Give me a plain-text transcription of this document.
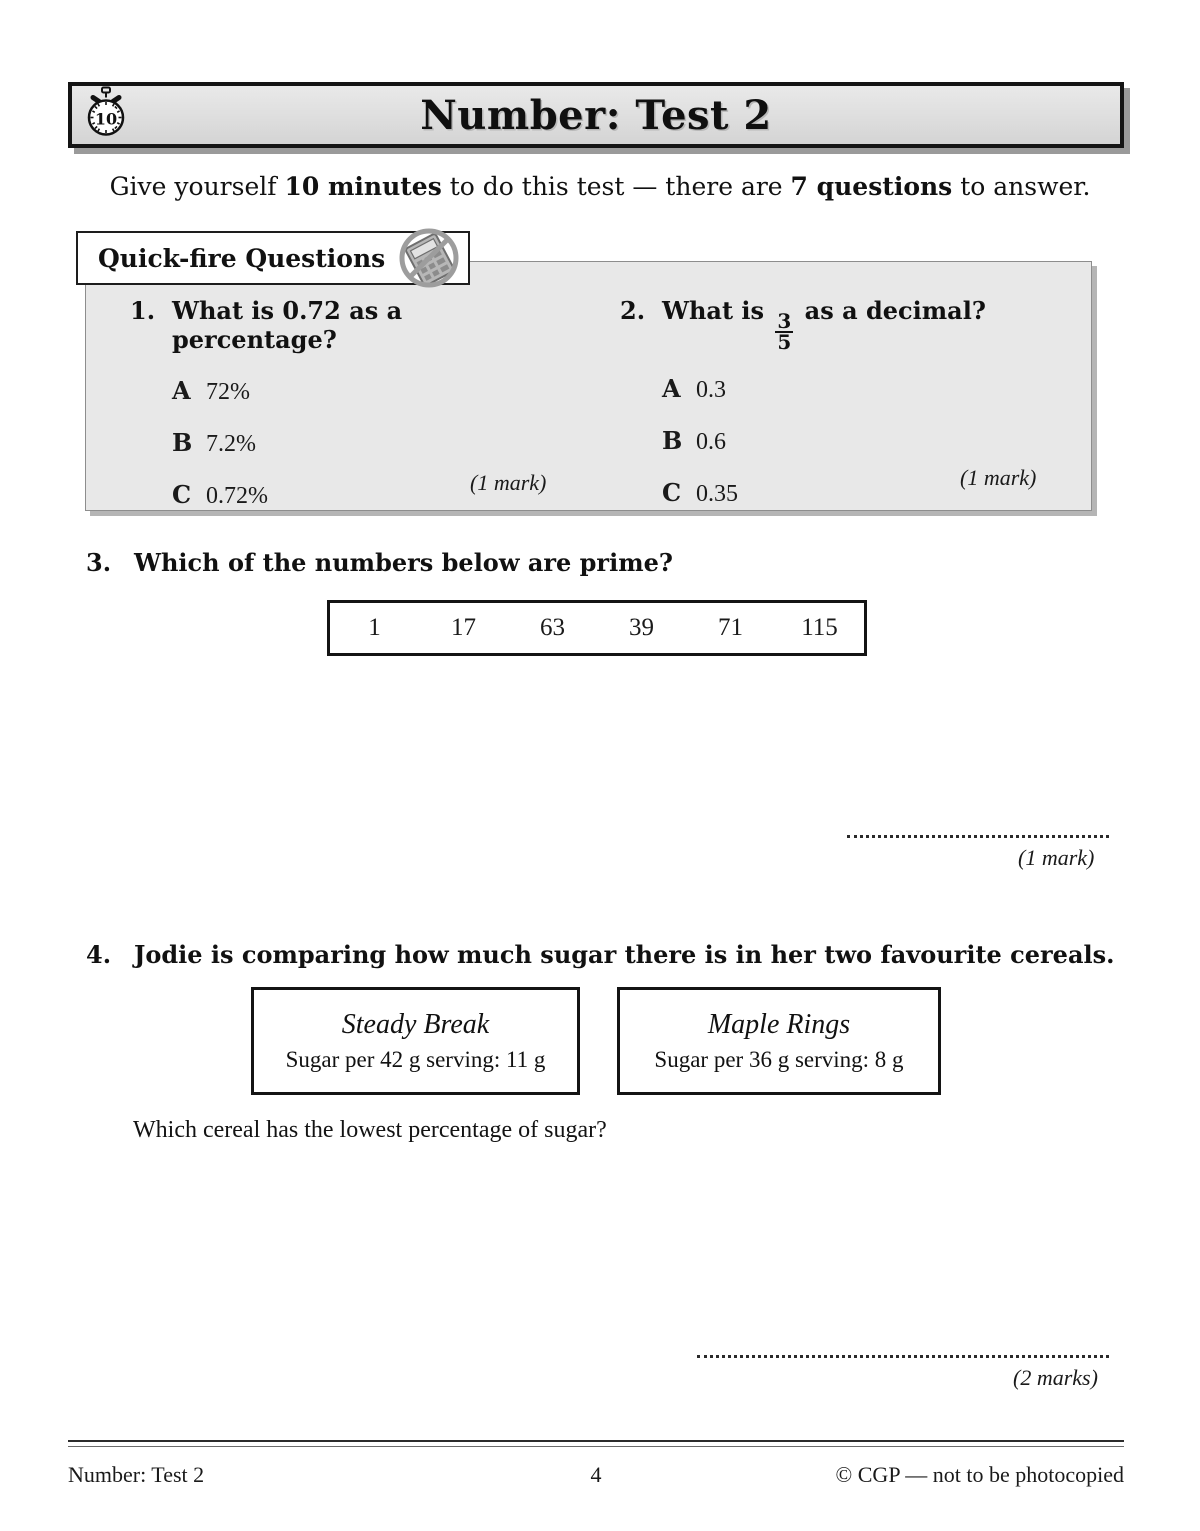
Number: Test 2
10
Give yourself 10 minutes to do this test — there are 7 questions to answer.
Quick-fire Questions
1. What is 0.72 as a percentage?
A 72%
B 7.2%
C 0.72%
(1 mark)
2. What is
$\frac{3}{5}$
as a decimal?
A 0.3
B 0.6
C 0.35
(1 mark)
3. Which of the numbers below are prime?
1	17	63	39	71	115
(1 mark)
4. Jodie is comparing how much sugar there is in her two favourite cereals.
Steady Break
Sugar per 42 g serving: 11 g
Maple Rings
Sugar per 36 g serving: 8 g
Which cereal has the lowest percentage of sugar?
(2 marks)
Number: Test 2	4	© CGP — not to be photocopied
